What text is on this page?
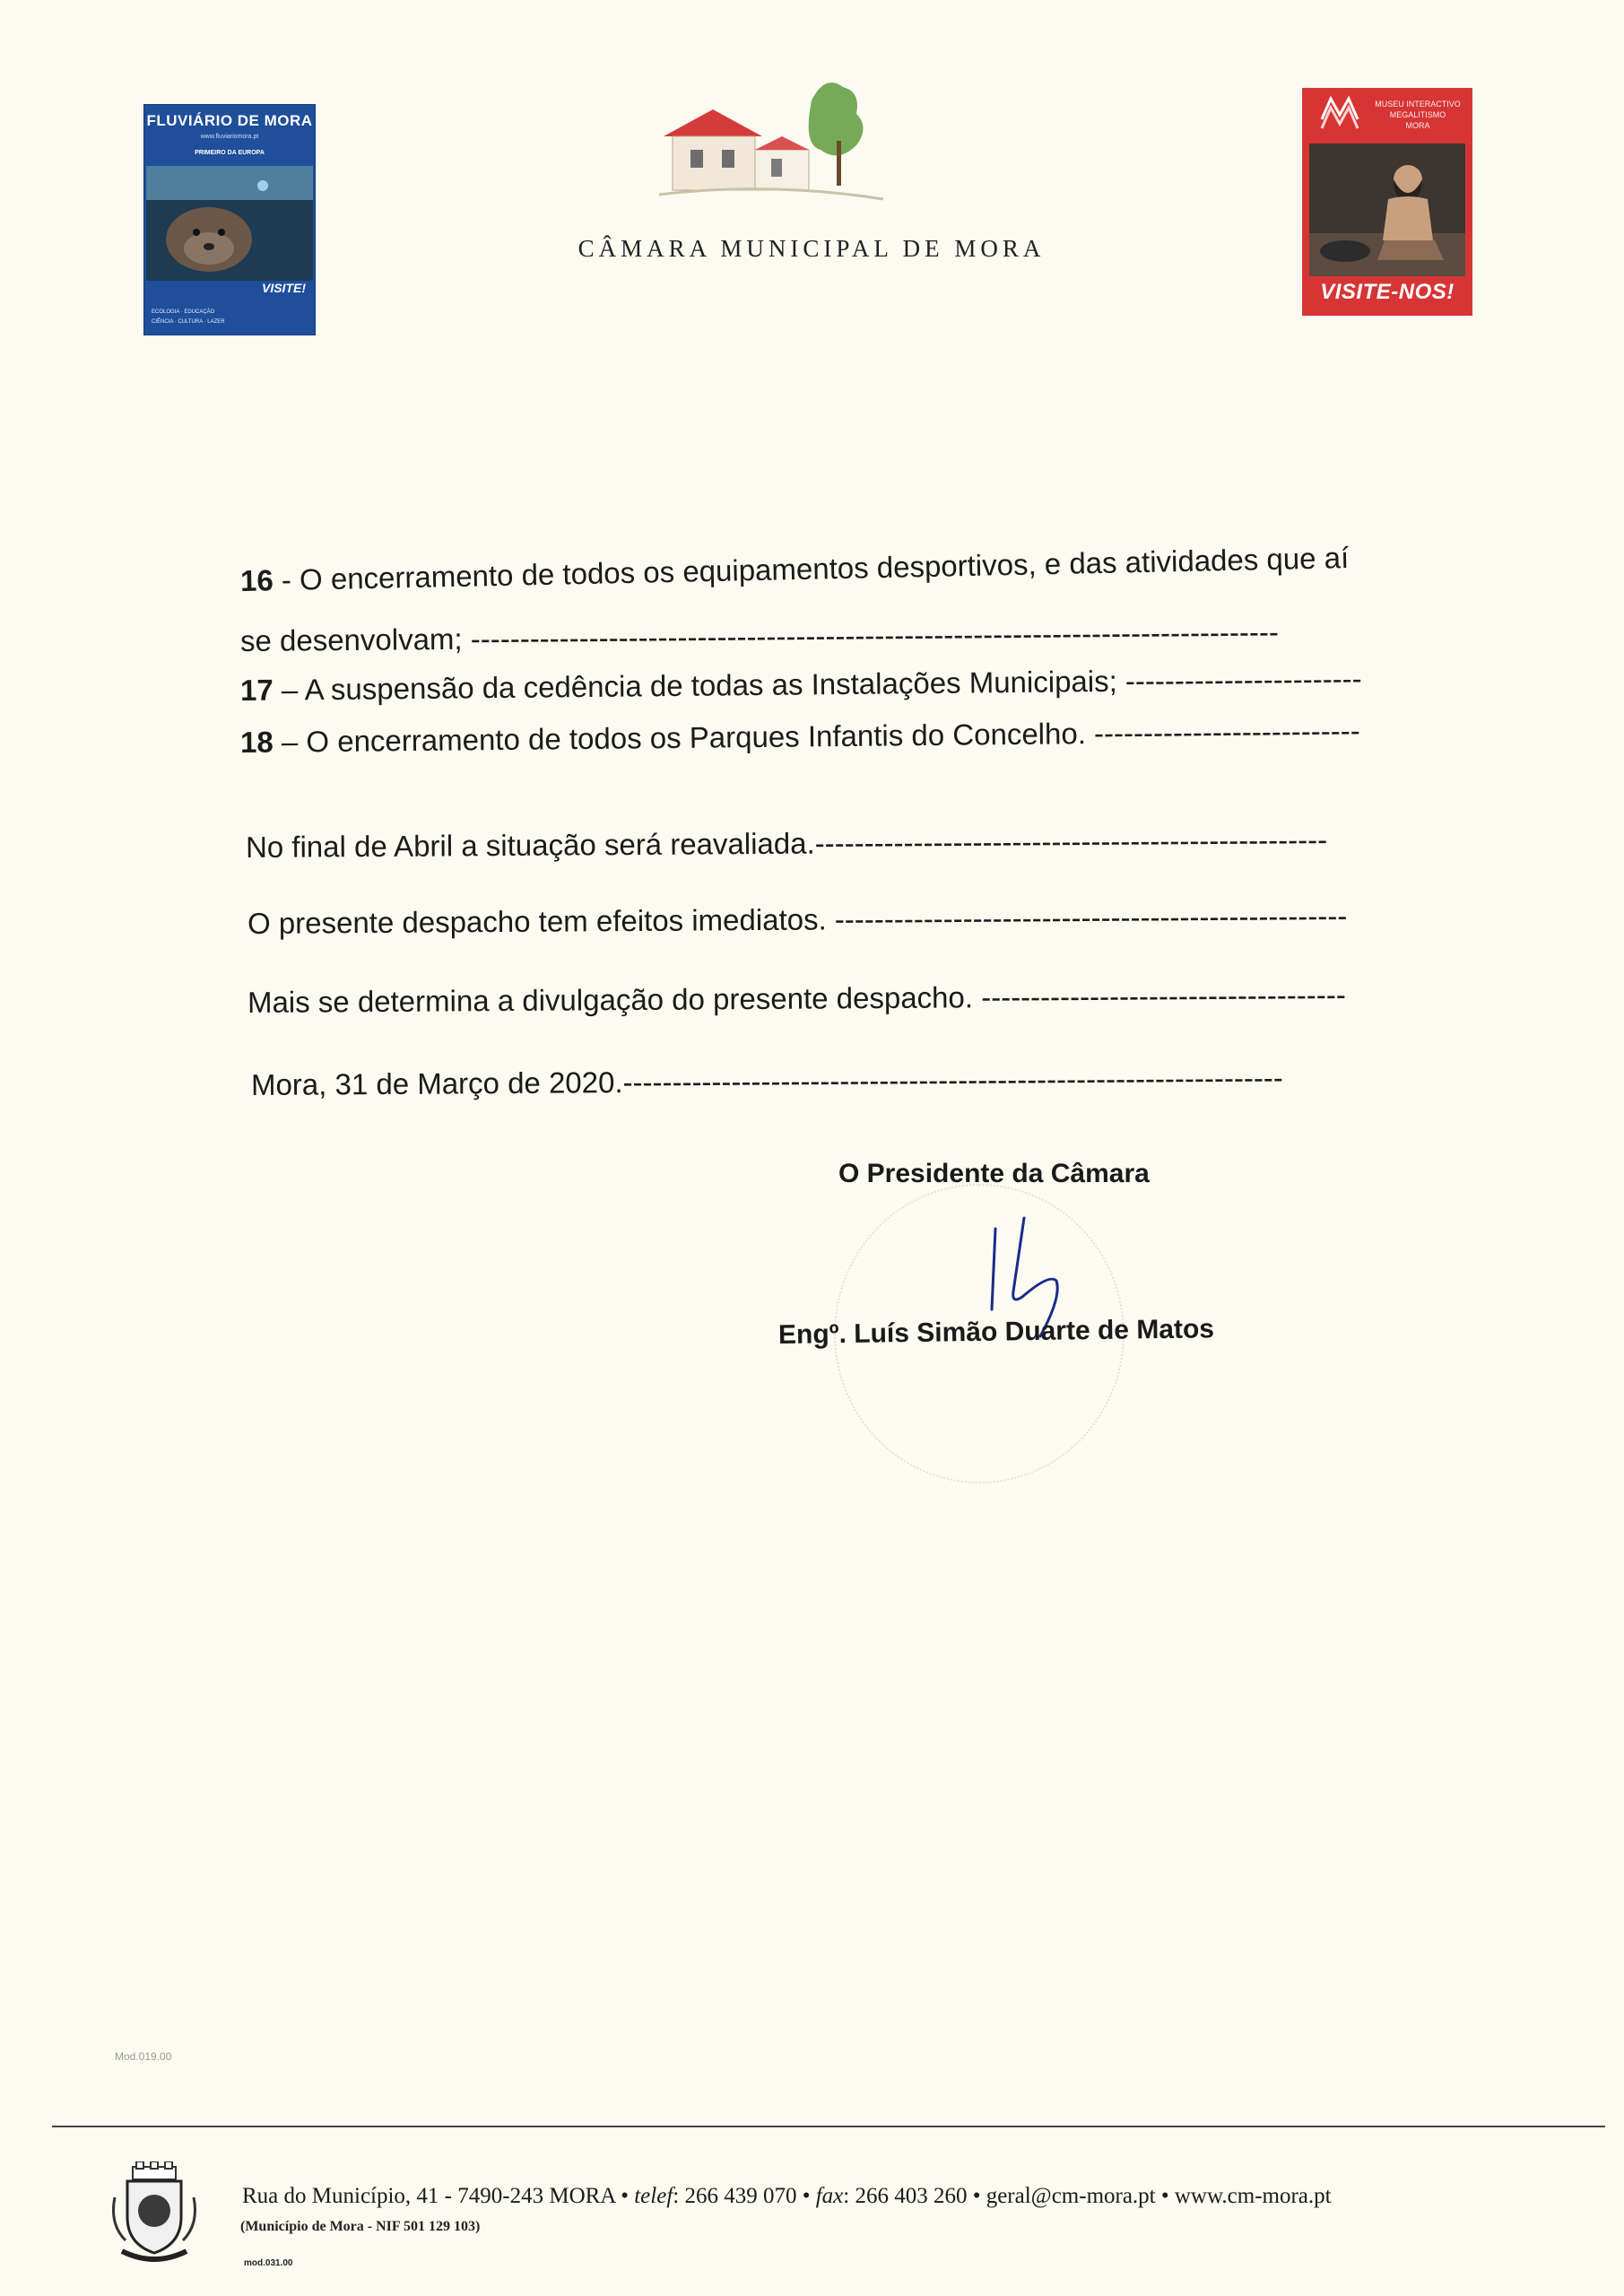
FLUVIÁRIO DE MORA
www.fluviariomora.pt
PRIMEIRO DA EUROPA
VISITE!
ECOLOGIA · EDUCAÇÃO
CIÊNCIA · CULTURA · LAZER
CÂMARA MUNICIPAL DE MORA
MUSEU INTERACTIVO
MEGALITISMO
MORA
VISITE-NOS!
16 - O encerramento de todos os equipamentos desportivos, e das atividades que aí
se desenvolvam; ----------------------------------------------------------------------------------
17 – A suspensão da cedência de todas as Instalações Municipais; ------------------------
18 – O encerramento de todos os Parques Infantis do Concelho. ---------------------------
No final de Abril a situação será reavaliada.----------------------------------------------------
O presente despacho tem efeitos imediatos. ----------------------------------------------------
Mais se determina a divulgação do presente despacho. -------------------------------------
Mora, 31 de Março de 2020.-------------------------------------------------------------------
O Presidente da Câmara
Engº. Luís Simão Duarte de Matos
Mod.019.00
Rua do Município, 41 - 7490-243 MORA • telef: 266 439 070 • fax: 266 403 260 • geral@cm-mora.pt • www.cm-mora.pt
(Município de Mora - NIF 501 129 103)
mod.031.00
